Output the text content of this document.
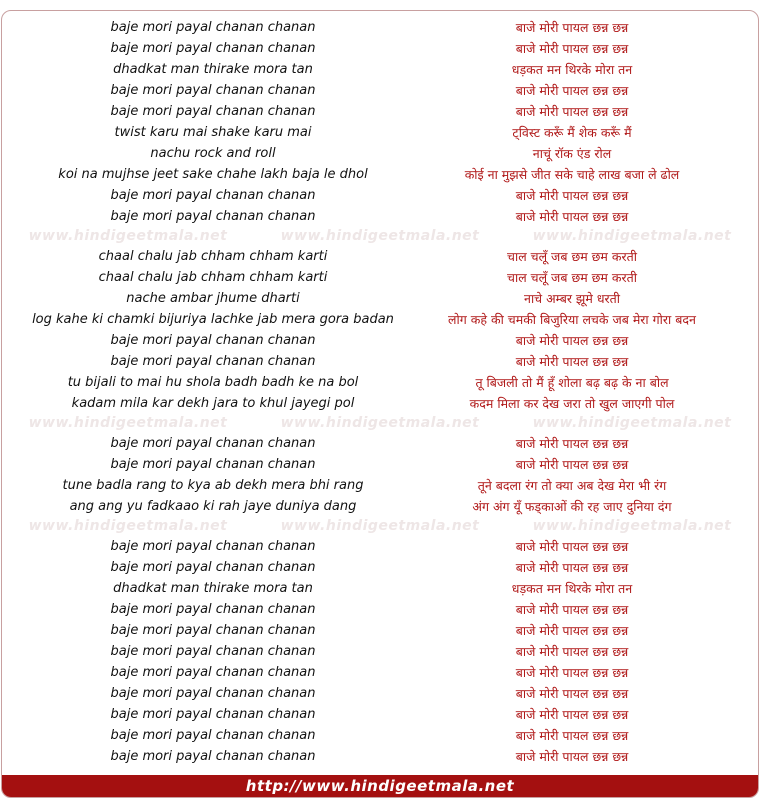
baje mori payal chanan chanan	बाजे मोरी पायल छन्न छन्न
baje mori payal chanan chanan	बाजे मोरी पायल छन्न छन्न
dhadkat man thirake mora tan	धड़कत मन थिरके मोरा तन
baje mori payal chanan chanan	बाजे मोरी पायल छन्न छन्न
baje mori payal chanan chanan	बाजे मोरी पायल छन्न छन्न
twist karu mai shake karu mai	ट्विस्ट करूँ मैं शेक करूँ मैं
nachu rock and roll	नाचूं रॉक एंड रोल
koi na mujhse jeet sake chahe lakh baja le dhol	कोई ना मुझसे जीत सके चाहे लाख बजा ले ढोल
baje mori payal chanan chanan	बाजे मोरी पायल छन्न छन्न
baje mori payal chanan chanan	बाजे मोरी पायल छन्न छन्न
www.hindigeetmala.net	www.hindigeetmala.net	www.hindigeetmala.net
chaal chalu jab chham chham karti	चाल चलूँ जब छम छम करती
chaal chalu jab chham chham karti	चाल चलूँ जब छम छम करती
nache ambar jhume dharti	नाचे अम्बर झूमे धरती
log kahe ki chamki bijuriya lachke jab mera gora badan	लोग कहे की चमकी बिजुरिया लचके जब मेरा गोरा बदन
baje mori payal chanan chanan	बाजे मोरी पायल छन्न छन्न
baje mori payal chanan chanan	बाजे मोरी पायल छन्न छन्न
tu bijali to mai hu shola badh badh ke na bol	तू बिजली तो मैं हूँ शोला बढ़ बढ़ के ना बोल
kadam mila kar dekh jara to khul jayegi pol	कदम मिला कर देख जरा तो खुल जाएगी पोल
www.hindigeetmala.net	www.hindigeetmala.net	www.hindigeetmala.net
baje mori payal chanan chanan	बाजे मोरी पायल छन्न छन्न
baje mori payal chanan chanan	बाजे मोरी पायल छन्न छन्न
tune badla rang to kya ab dekh mera bhi rang	तूने बदला रंग तो क्या अब देख मेरा भी रंग
ang ang yu fadkaao ki rah jaye duniya dang	अंग अंग यूँ फड्काओं की रह जाए दुनिया दंग
www.hindigeetmala.net	www.hindigeetmala.net	www.hindigeetmala.net
baje mori payal chanan chanan	बाजे मोरी पायल छन्न छन्न
baje mori payal chanan chanan	बाजे मोरी पायल छन्न छन्न
dhadkat man thirake mora tan	धड़कत मन थिरके मोरा तन
baje mori payal chanan chanan	बाजे मोरी पायल छन्न छन्न
baje mori payal chanan chanan	बाजे मोरी पायल छन्न छन्न
baje mori payal chanan chanan	बाजे मोरी पायल छन्न छन्न
baje mori payal chanan chanan	बाजे मोरी पायल छन्न छन्न
baje mori payal chanan chanan	बाजे मोरी पायल छन्न छन्न
baje mori payal chanan chanan	बाजे मोरी पायल छन्न छन्न
baje mori payal chanan chanan	बाजे मोरी पायल छन्न छन्न
baje mori payal chanan chanan	बाजे मोरी पायल छन्न छन्न
http://www.hindigeetmala.net
